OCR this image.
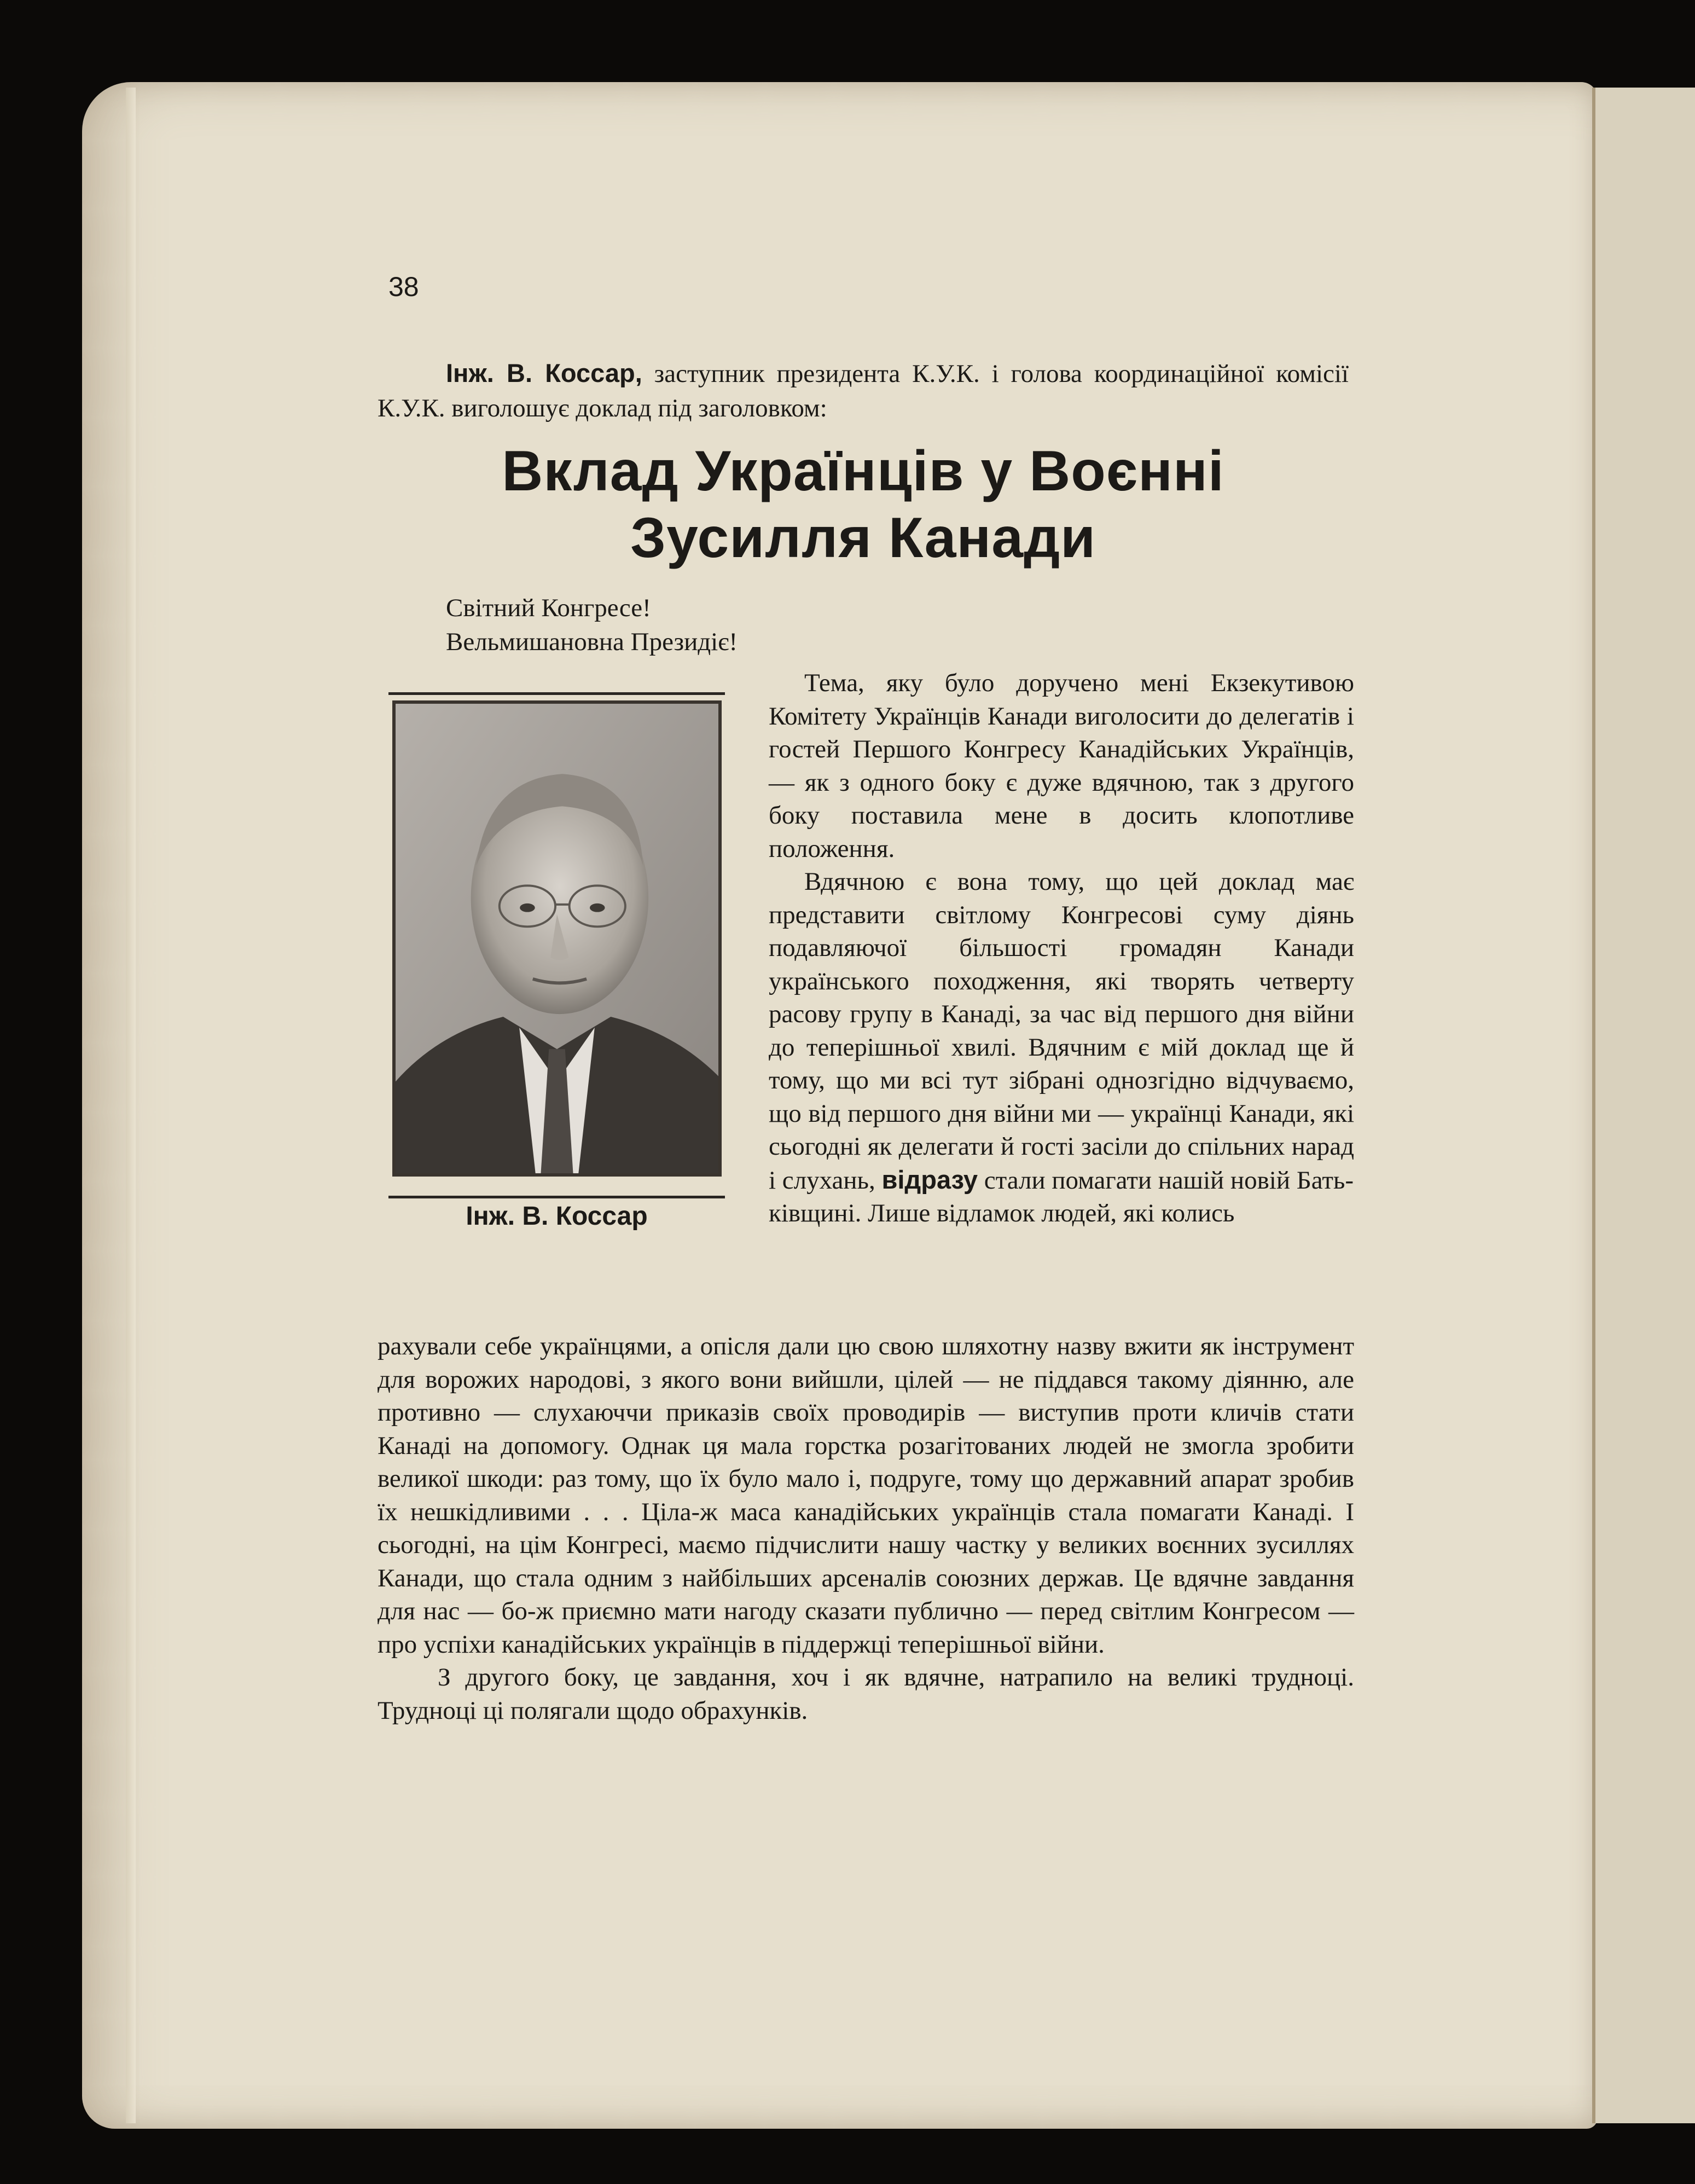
38
Інж. В. Коссар, заступник президента К.У.К. і голова координаційної комісії К.У.К. виголошує доклад під заголовком:
Вклад Українців у Воєнні
Зусилля Канади
Світний Конгресе!
Вельмишановна Президіє!
Інж. В. Коссар

Тема, яку було доручено мені Екзекутивою Комітету Українців Канади виголосити до делегатів і гостей Першого Конгресу Канадійських Українців, — як з одного боку є дуже вдячною, так з другого боку поставила мене в досить клопотливе положення.

Вдячною є вона тому, що цей доклад має представити світлому Конгресові суму діянь подавляючої більшості громадян Канади українського походження, які творять четверту расову групу в Канаді, за час від першого дня війни до теперішньої хвилі. Вдячним є мій доклад ще й тому, що ми всі тут зібрані однозгідно відчуваємо, що від першого дня війни ми — українці Канади, які сьогодні як делегати й гості засіли до спільних нарад і слухань, відразу стали помагати нашій новій Бать-
ківщині. Лише відламок людей, які колись

рахували себе українцями, а опісля дали цю свою шляхотну назву вжити як інструмент для ворожих народові, з якого вони вийшли, цілей — не піддався такому діянню, але противно — слухаюччи приказів своїх проводирів — виступив проти кличів стати Канаді на допомогу. Однак ця мала горстка розагітованих людей не змогла зробити великої шкоди: раз тому, що їх було мало і, подруге, тому що державний апарат зробив їх нешкідливими . . . Ціла-ж маса канадійських українців стала помагати Канаді. І сьогодні, на цім Конгресі, маємо підчислити нашу частку у великих воєнних зусиллях Канади, що стала одним з найбільших арсеналів союзних держав. Це вдячне завдання для нас — бо-ж приємно мати нагоду сказати публично — перед світлим Конгресом — про успіхи канадійських українців в піддержці теперішньої війни.

З другого боку, це завдання, хоч і як вдячне, натрапило на великі трудноці. Трудноці ці полягали щодо обрахунків.
